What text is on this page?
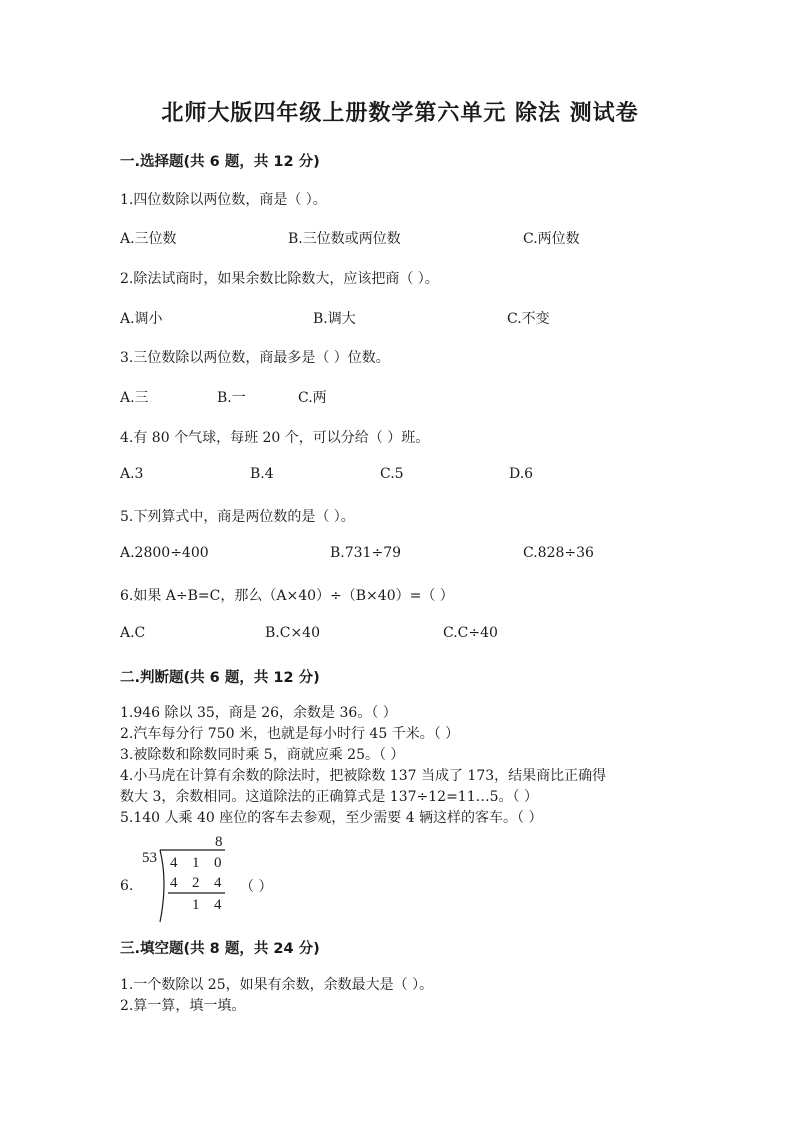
北师大版四年级上册数学第六单元 除法 测试卷
一.选择题(共 6 题，共 12 分)
1.四位数除以两位数，商是（ ）。
A.三位数	B.三位数或两位数	C.两位数
2.除法试商时，如果余数比除数大，应该把商（ ）。
A.调小	B.调大	C.不变
3.三位数除以两位数，商最多是（ ）位数。
A.三	B.一	C.两
4.有 80 个气球，每班 20 个，可以分给（ ）班。
A.3	B.4	C.5	D.6
5.下列算式中，商是两位数的是（ ）。
A.2800÷400	B.731÷79	C.828÷36
6.如果 A÷B=C，那么（A×40）÷（B×40）=（ ）
A.C	B.C×40	C.C÷40
二.判断题(共 6 题，共 12 分)
1.946 除以 35，商是 26，余数是 36。（ ）
2.汽车每分行 750 米，也就是每小时行 45 千米。（ ）
3.被除数和除数同时乘 5，商就应乘 25。（ ）
4.小马虎在计算有余数的除法时，把被除数 137 当成了 173，结果商比正确得
数大 3，余数相同。这道除法的正确算式是 137÷12=11…5。（ ）
5.140 人乘 40 座位的客车去参观，至少需要 4 辆这样的客车。（ ）
8
53 4 1 0
4 2 4
1 4
6.	（ ）
三.填空题(共 8 题，共 24 分)
1.一个数除以 25，如果有余数，余数最大是（ ）。
2.算一算，填一填。
